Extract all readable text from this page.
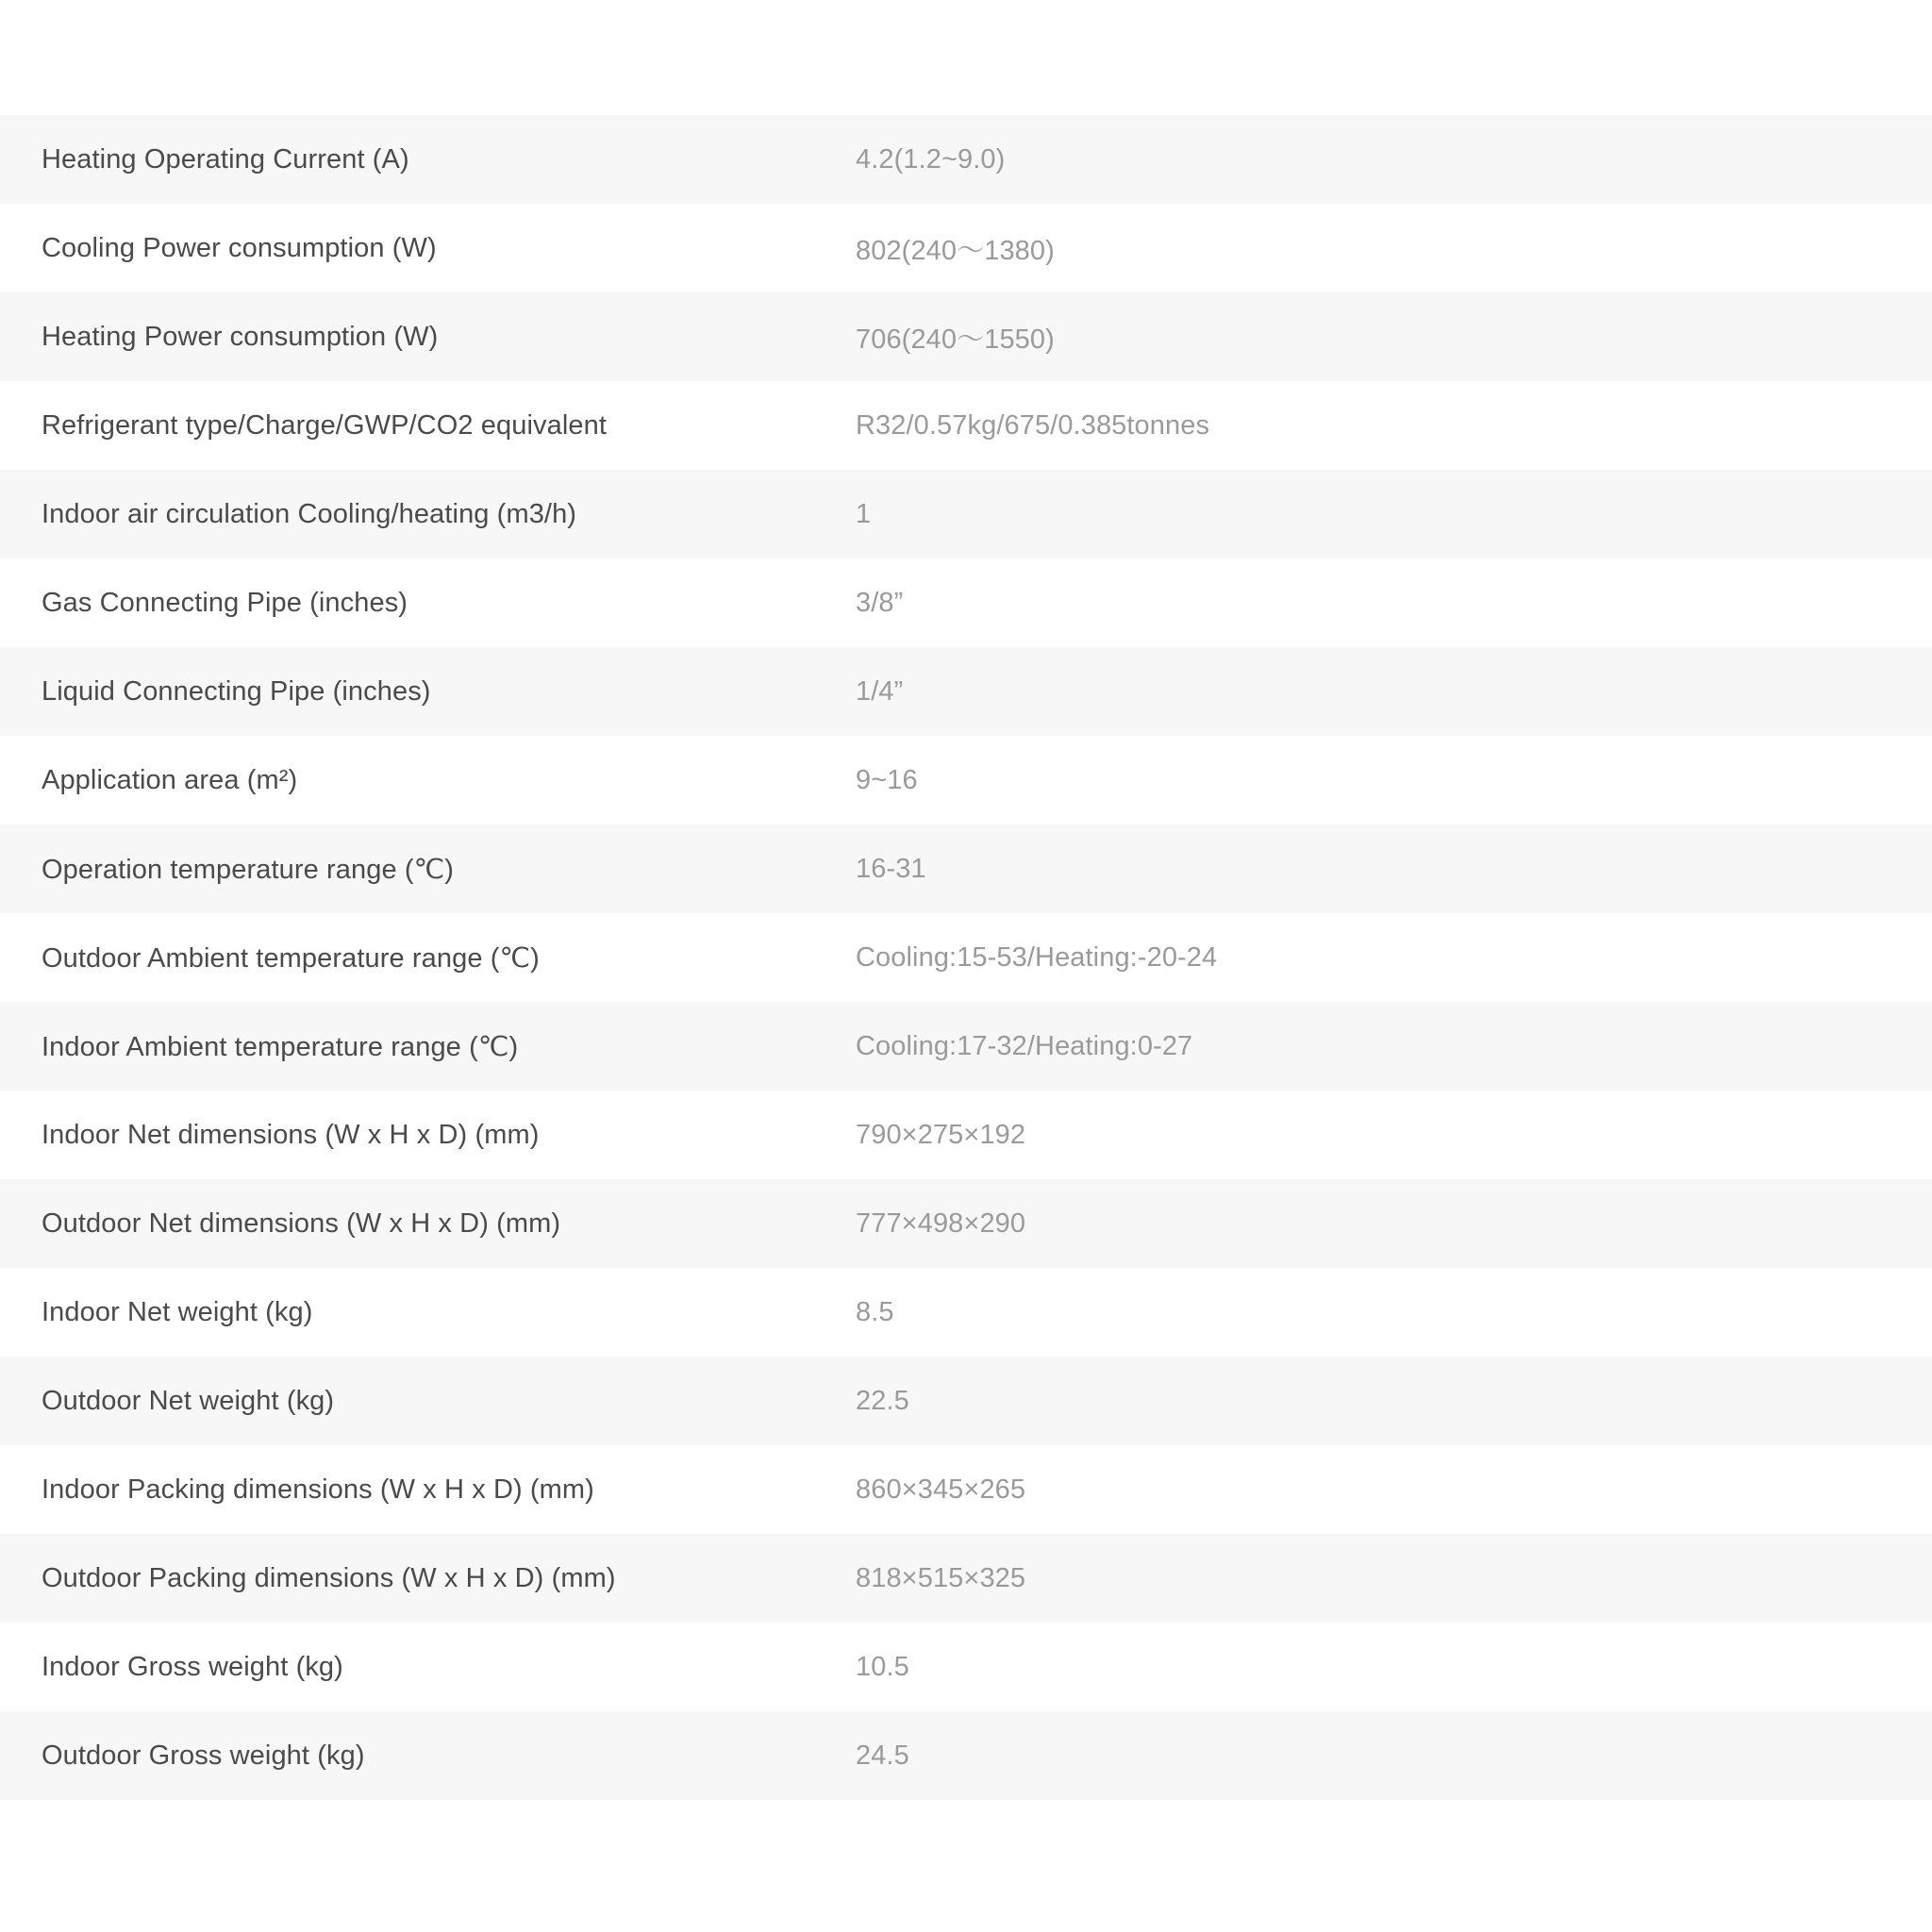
Heating Operating Current (A)	4.2(1.2~9.0)
Cooling Power consumption (W)	802(240〜1380)
Heating Power consumption (W)	706(240〜1550)
Refrigerant type/Charge/GWP/CO2 equivalent	R32/0.57kg/675/0.385tonnes
Indoor air circulation Cooling/heating (m3/h)	1
Gas Connecting Pipe (inches)	3/8”
Liquid Connecting Pipe (inches)	1/4”
Application area (m²)	9~16
Operation temperature range (℃)	16-31
Outdoor Ambient temperature range (℃)	Cooling:15-53/Heating:-20-24
Indoor Ambient temperature range (℃)	Cooling:17-32/Heating:0-27
Indoor Net dimensions (W x H x D) (mm)	790×275×192
Outdoor Net dimensions (W x H x D) (mm)	777×498×290
Indoor Net weight (kg)	8.5
Outdoor Net weight (kg)	22.5
Indoor Packing dimensions (W x H x D) (mm)	860×345×265
Outdoor Packing dimensions (W x H x D) (mm)	818×515×325
Indoor Gross weight (kg)	10.5
Outdoor Gross weight (kg)	24.5
